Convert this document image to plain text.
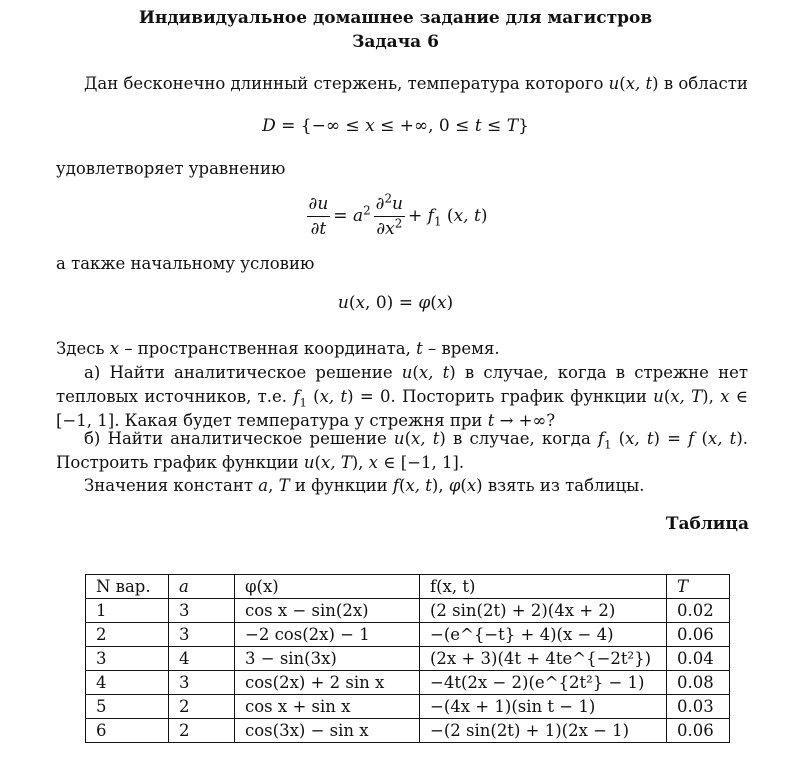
Индивидуальное домашнее задание для магистров
Задача 6
Дан бесконечно длинный стержень, температура которого u(x, t) в области
D = {−∞ ≤ x ≤ +∞, 0 ≤ t ≤ T}
удовлетворяет уравнению
$\frac{\partial u}{\partial t} = a^2 \frac{\partial^2u}{\partial x^2} + f_1$ (x, t)
а также начальному условию
u(x, 0) = φ(x)
Здесь x – пространственная координата, t – время.
а) Найти аналитическое решение u(x, t) в случае, когда в стрежне нет тепловых источников, т.е. $f_1$ (x, t) = 0. Посторить график функции u(x, T), x ∈ [−1, 1]. Какая будет температура у стрежня при t → +∞?
б) Найти аналитическое решение u(x, t) в случае, когда $f_1$ (x, t) = f (x, t). Построить график функции u(x, T), x ∈ [−1, 1].
Значения констант a, T и функции f(x, t), φ(x) взять из таблицы.
Таблица
N вар.	a	φ(x)	f(x, t)	T
1	3	cos x − sin(2x)	(2 sin(2t) + 2)(4x + 2)	0.02
2	3	−2 cos(2x) − 1	−(e^{−t} + 4)(x − 4)	0.06
3	4	3 − sin(3x)	(2x + 3)(4t + 4te^{−2t²})	0.04
4	3	cos(2x) + 2 sin x	−4t(2x − 2)(e^{2t²} − 1)	0.08
5	2	cos x + sin x	−(4x + 1)(sin t − 1)	0.03
6	2	cos(3x) − sin x	−(2 sin(2t) + 1)(2x − 1)	0.06
